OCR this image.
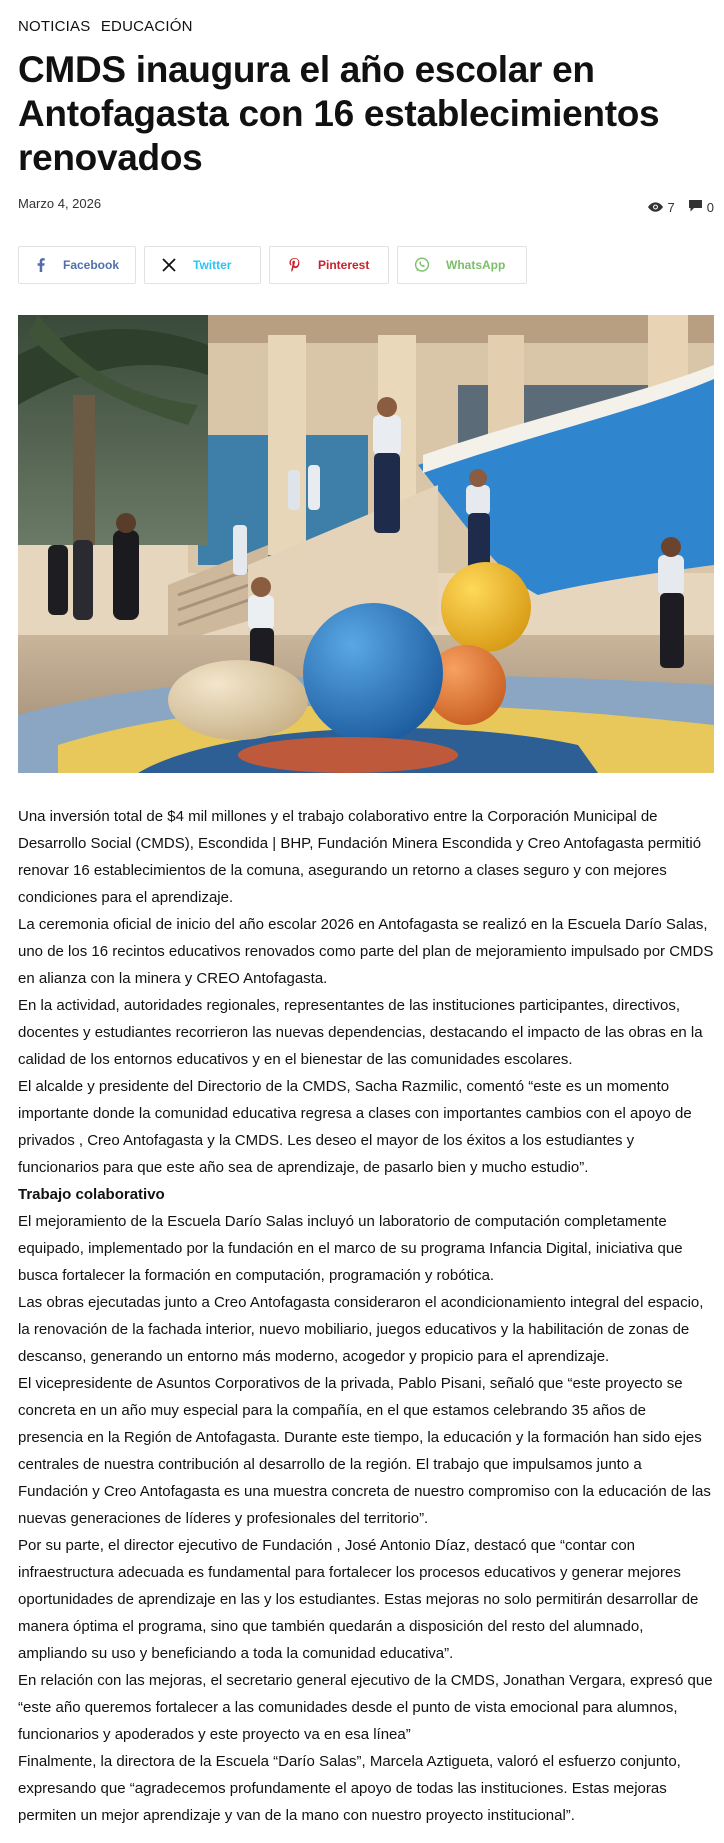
NOTICIAS EDUCACIÓN
CMDS inaugura el año escolar en Antofagasta con 16 establecimientos renovados
Marzo 4, 2026	7 0
Facebook	Twitter	Pinterest	WhatsApp

Una inversión total de $4 mil millones y el trabajo colaborativo entre la Corporación Municipal de Desarrollo Social (CMDS), Escondida | BHP, Fundación Minera Escondida y Creo Antofagasta permitió renovar 16 establecimientos de la comuna, asegurando un retorno a clases seguro y con mejores condiciones para el aprendizaje.

La ceremonia oficial de inicio del año escolar 2026 en Antofagasta se realizó en la Escuela Darío Salas, uno de los 16 recintos educativos renovados como parte del plan de mejoramiento impulsado por CMDS en alianza con la minera y CREO Antofagasta.

En la actividad, autoridades regionales, representantes de las instituciones participantes, directivos, docentes y estudiantes recorrieron las nuevas dependencias, destacando el impacto de las obras en la calidad de los entornos educativos y en el bienestar de las comunidades escolares.

El alcalde y presidente del Directorio de la CMDS, Sacha Razmilic, comentó “este es un momento importante donde la comunidad educativa regresa a clases con importantes cambios con el apoyo de privados , Creo Antofagasta y la CMDS. Les deseo el mayor de los éxitos a los estudiantes y funcionarios para que este año sea de aprendizaje, de pasarlo bien y mucho estudio”.

Trabajo colaborativo

El mejoramiento de la Escuela Darío Salas incluyó un laboratorio de computación completamente equipado, implementado por la fundación en el marco de su programa Infancia Digital, iniciativa que busca fortalecer la formación en computación, programación y robótica.

Las obras ejecutadas junto a Creo Antofagasta consideraron el acondicionamiento integral del espacio, la renovación de la fachada interior, nuevo mobiliario, juegos educativos y la habilitación de zonas de descanso, generando un entorno más moderno, acogedor y propicio para el aprendizaje.

El vicepresidente de Asuntos Corporativos de la privada, Pablo Pisani, señaló que “este proyecto se concreta en un año muy especial para la compañía, en el que estamos celebrando 35 años de presencia en la Región de Antofagasta. Durante este tiempo, la educación y la formación han sido ejes centrales de nuestra contribución al desarrollo de la región. El trabajo que impulsamos junto a Fundación y Creo Antofagasta es una muestra concreta de nuestro compromiso con la educación de las nuevas generaciones de líderes y profesionales del territorio”.

Por su parte, el director ejecutivo de Fundación , José Antonio Díaz, destacó que “contar con infraestructura adecuada es fundamental para fortalecer los procesos educativos y generar mejores oportunidades de aprendizaje en las y los estudiantes. Estas mejoras no solo permitirán desarrollar de manera óptima el programa, sino que también quedarán a disposición del resto del alumnado, ampliando su uso y beneficiando a toda la comunidad educativa”.

En relación con las mejoras, el secretario general ejecutivo de la CMDS, Jonathan Vergara, expresó que “este año queremos fortalecer a las comunidades desde el punto de vista emocional para alumnos, funcionarios y apoderados y este proyecto va en esa línea”

Finalmente, la directora de la Escuela “Darío Salas”, Marcela Aztigueta, valoró el esfuerzo conjunto, expresando que “agradecemos profundamente el apoyo de todas las instituciones. Estas mejoras permiten un mejor aprendizaje y van de la mano con nuestro proyecto institucional”.
